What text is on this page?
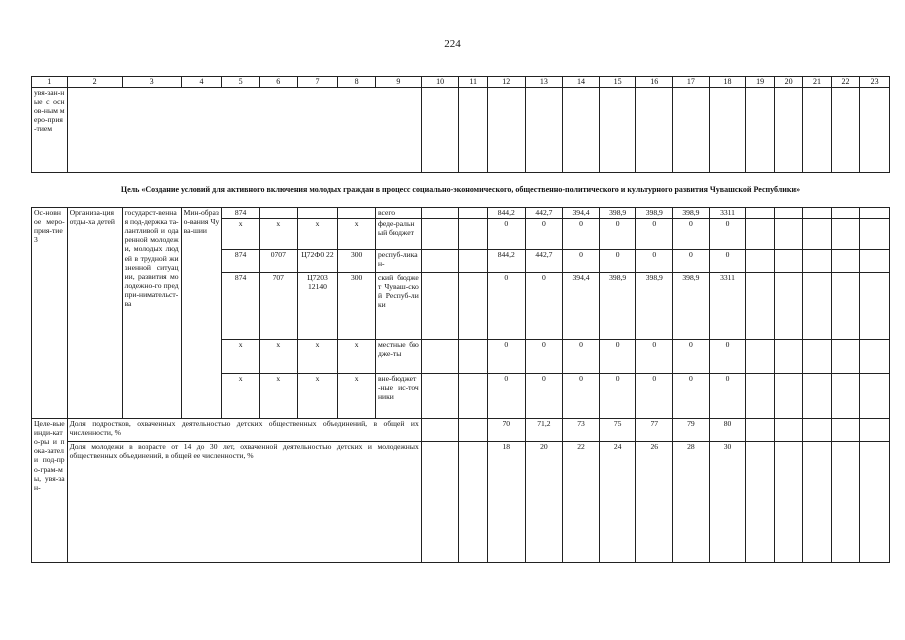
224
1	2	3	4	5	6	7	8	9	10	11	12	13	14	15	16	17	18	19	20	21	22	23
увя-зан-ные с основ-ным меро-прия-тием																						
Цель «Создание условий для активного включения молодых граждан в процесс социально-экономического, общественно-политического и культурного развития Чувашской Республики»																						
Ос-новное меро-прия-тие 3	Организа-ция отды-ха детей	государст-венная под-держка та-лантливой и одаренной молодежи, молодых людей в трудной жизненной ситуации, развития молодежно-го предпри-нимательст-ва	Мин-образо-вания Чува-шии	874				всего			844,2	442,7	394,4	398,9	398,9	398,9	3311					
				x	x	x	x	феде-ральный бюджет			0	0	0	0	0	0	0					
				874	0707	Ц72Ф0 22	300	респуб-ликан-			844,2	442,7	0	0	0	0	0					
				874	707	Ц7203 12140	300	ский бюджет Чуваш-ской Респуб-лики			0	0	394,4	398,9	398,9	398,9	3311					
				x	x	x	x	местные бюдже-ты			0	0	0	0	0	0	0					
				x	x	x	x	вне-бюджет-ные ис-точники			0	0	0	0	0	0	0					
Целе-вые инди-като-ры и пока-затели под-про-грам-мы, увя-зан-	Доля подростков, охваченных деятельностью детских общественных объединений, в общей их численности, %										70	71,2	73	75	77	79	80					
	Доля молодежи в возрасте от 14 до 30 лет, охваченной деятельностью детских и молодежных общественных объединений, в общей ее численности, %										18	20	22	24	26	28	30					
